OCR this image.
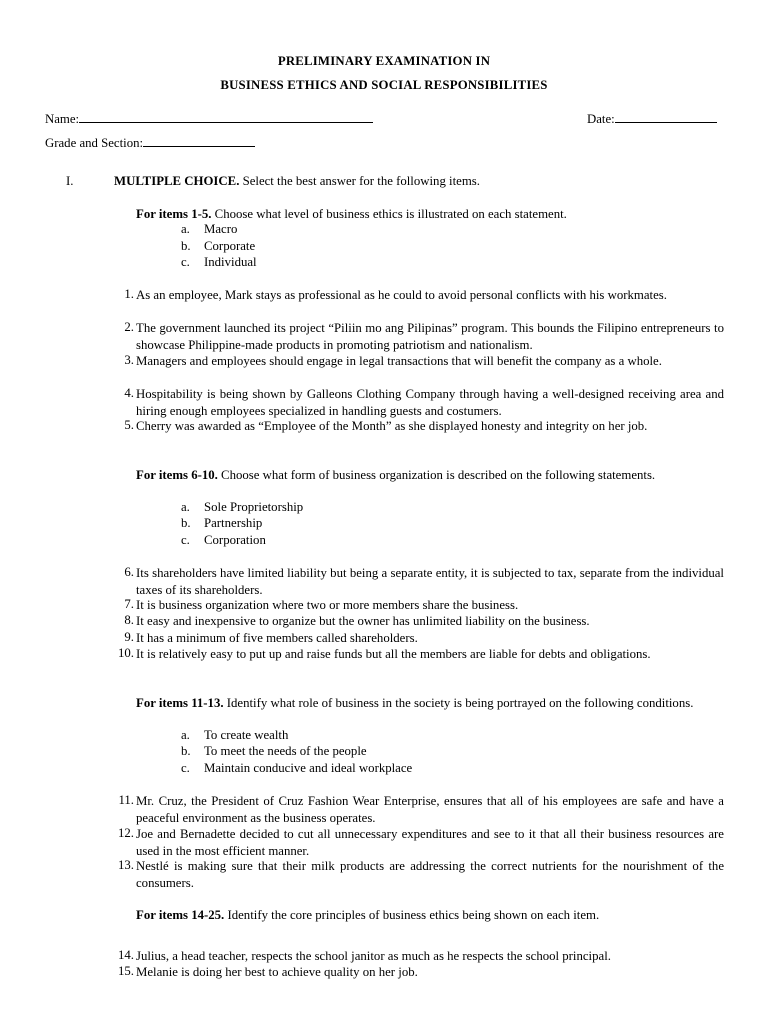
PRELIMINARY EXAMINATION IN
BUSINESS ETHICS AND SOCIAL RESPONSIBILITIES
Name:	Date:
Grade and Section:
I.	MULTIPLE CHOICE. Select the best answer for the following items.
For items 1-5. Choose what level of business ethics is illustrated on each statement.
a. Macro
b. Corporate
c. Individual
1. As an employee, Mark stays as professional as he could to avoid personal conflicts with his workmates.
2. The government launched its project “Piliin mo ang Pilipinas” program. This bounds the Filipino entrepreneurs to showcase Philippine-made products in promoting patriotism and nationalism.
3. Managers and employees should engage in legal transactions that will benefit the company as a whole.
4. Hospitability is being shown by Galleons Clothing Company through having a well-designed receiving area and hiring enough employees specialized in handling guests and costumers.
5. Cherry was awarded as “Employee of the Month” as she displayed honesty and integrity on her job.
For items 6-10. Choose what form of business organization is described on the following statements.
a. Sole Proprietorship
b. Partnership
c. Corporation
6. Its shareholders have limited liability but being a separate entity, it is subjected to tax, separate from the individual taxes of its shareholders.
7. It is business organization where two or more members share the business.
8. It easy and inexpensive to organize but the owner has unlimited liability on the business.
9. It has a minimum of five members called shareholders.
10. It is relatively easy to put up and raise funds but all the members are liable for debts and obligations.
For items 11-13. Identify what role of business in the society is being portrayed on the following conditions.
a. To create wealth
b. To meet the needs of the people
c. Maintain conducive and ideal workplace
11. Mr. Cruz, the President of Cruz Fashion Wear Enterprise, ensures that all of his employees are safe and have a peaceful environment as the business operates.
12. Joe and Bernadette decided to cut all unnecessary expenditures and see to it that all their business resources are used in the most efficient manner.
13. Nestlé is making sure that their milk products are addressing the correct nutrients for the nourishment of the consumers.
For items 14-25. Identify the core principles of business ethics being shown on each item.
14. Julius, a head teacher, respects the school janitor as much as he respects the school principal.
15. Melanie is doing her best to achieve quality on her job.
